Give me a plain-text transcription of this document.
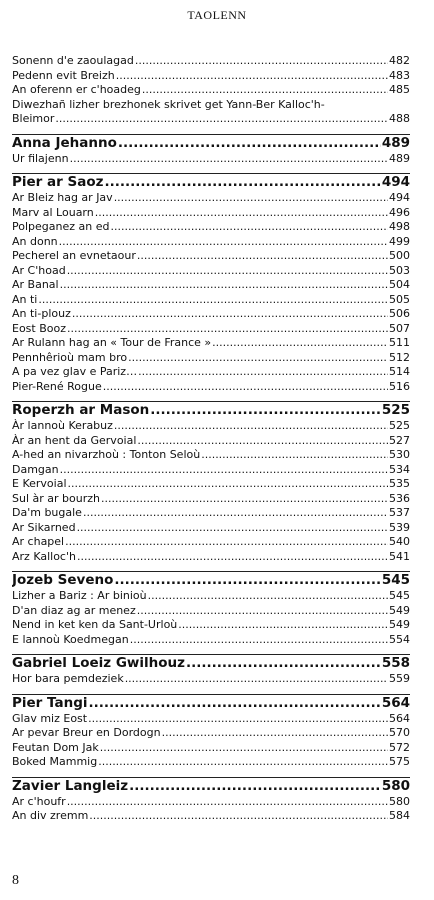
TAOLENN
Sonenn d'e zaoulagad .....	482
Pedenn evit Breizh .....	483
An oferenn er c'hoadeg .....	485
Diwezhañ lizher brezhonek skrivet get Yann-Ber Kalloc'h-
Bleimor .....	488
Anna Jehanno .....	489
Ur filajenn .....	489
Pier ar Saoz .....	494
Ar Bleiz hag ar Jav .....	494
Marv al Louarn .....	496
Polpeganez an ed .....	498
An donn .....	499
Pecherel an evnetaour .....	500
Ar C'hoad .....	503
Ar Banal .....	504
An ti .....	505
An ti-plouz .....	506
Eost Booz .....	507
Ar Rulann hag an « Tour de France » .....	511
Pennhêrioù mam bro .....	512
A pa vez glav e Pariz… .....	514
Pier-René Rogue .....	516
Roperzh ar Mason .....	525
Àr lannoù Kerabuz .....	525
Àr an hent da Gervoial .....	527
A-hed an nivarzhoù : Tonton Seloù .....	530
Damgan .....	534
E Kervoial .....	535
Sul àr ar bourzh .....	536
Da'm bugale .....	537
Ar Sikarned .....	539
Ar chapel .....	540
Arz Kalloc'h .....	541
Jozeb Seveno .....	545
Lizher a Bariz : Ar binioù .....	545
D'an diaz ag ar menez .....	549
Nend in ket ken da Sant-Urloù .....	549
E lannoù Koedmegan .....	554
Gabriel Loeiz Gwilhouz .....	558
Hor bara pemdeziek .....	559
Pier Tangi .....	564
Glav miz Eost .....	564
Ar pevar Breur en Dordogn .....	570
Feutan Dom Jak .....	572
Boked Mammig .....	575
Zavier Langleiz .....	580
Ar c'houfr .....	580
An div zremm .....	584
8
